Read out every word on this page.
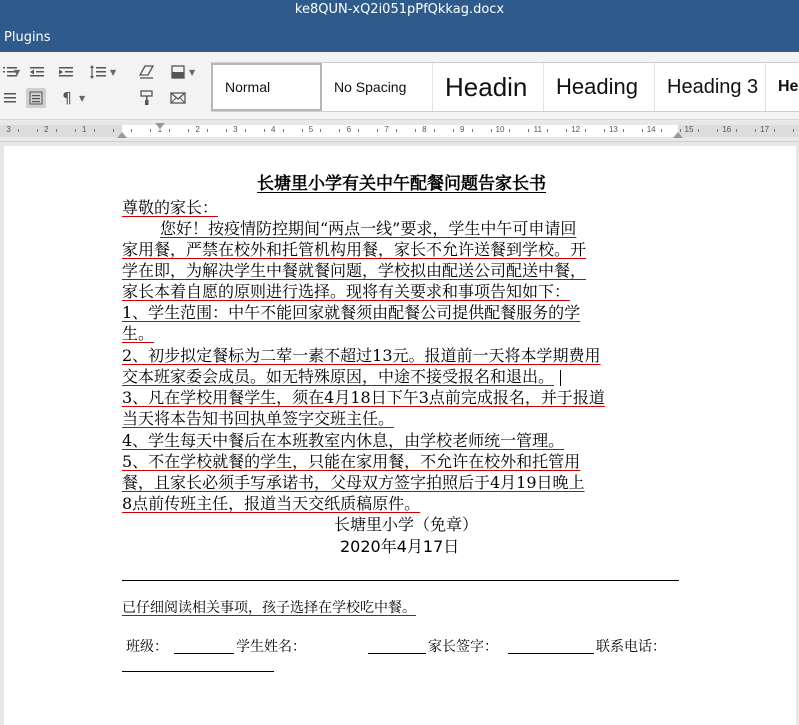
ke8QUN-xQ2i051pPfQkkag.docx
Plugins
▼	▼	▼
¶ ▼
Normal	No Spacing	Headin	Heading	Heading 3	He
3	2	1	1	2	3	4	5	6	7	8	9	10	11	12	13	14	15	16	17
长塘里小学有关中午配餐问题告家长书
尊敬的家长：
您好！按疫情防控期间“两点一线”要求，学生中午可申请回
家用餐，严禁在校外和托管机构用餐，家长不允许送餐到学校。开
学在即，为解决学生中餐就餐问题，学校拟由配送公司配送中餐，
家长本着自愿的原则进行选择。现将有关要求和事项告知如下：
1、学生范围：中午不能回家就餐须由配餐公司提供配餐服务的学
生。
2、初步拟定餐标为二荤一素不超过13元。报道前一天将本学期费用
交本班家委会成员。如无特殊原因，中途不接受报名和退出。
3、凡在学校用餐学生，须在4月18日下午3点前完成报名，并于报道
当天将本告知书回执单签字交班主任。
4、学生每天中餐后在本班教室内休息，由学校老师统一管理。
5、不在学校就餐的学生，只能在家用餐，不允许在校外和托管用
餐，且家长必须手写承诺书，父母双方签字拍照后于4月19日晚上
8点前传班主任，报道当天交纸质稿原件。
长塘里小学（免章）
2020年4月17日
已仔细阅读相关事项，孩子选择在学校吃中餐。
班级：	学生姓名：	家长签字：	联系电话：
